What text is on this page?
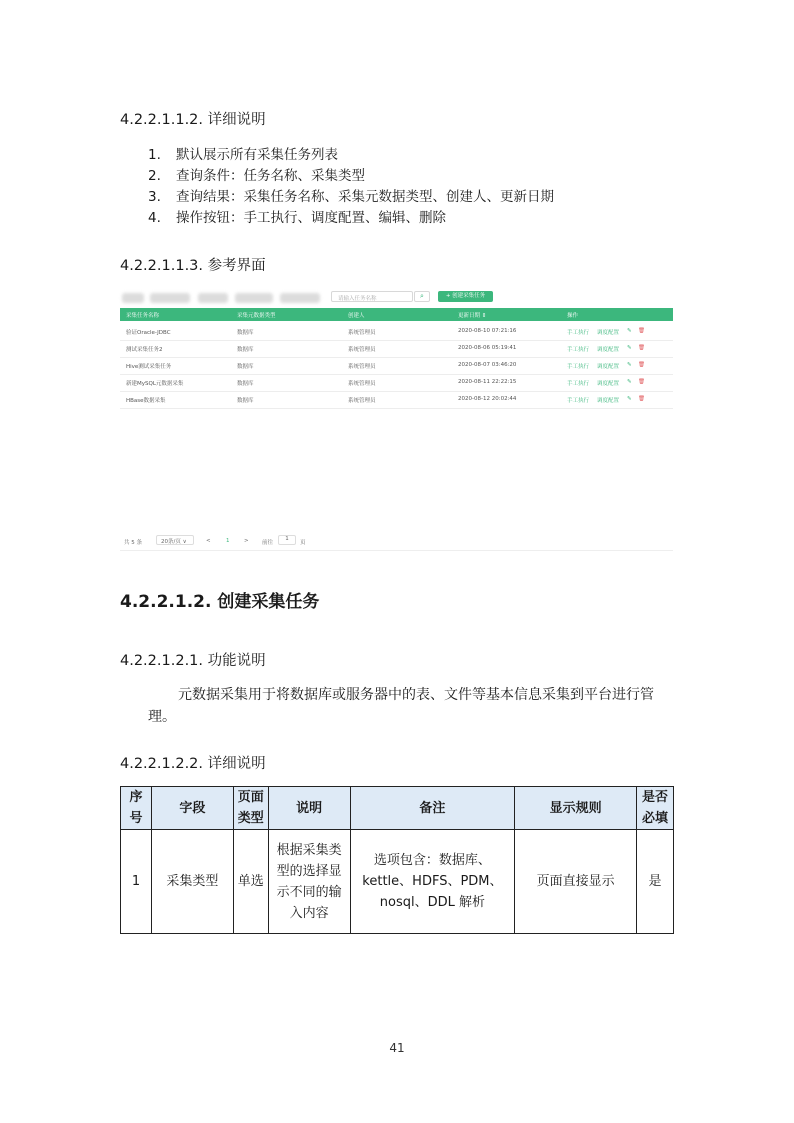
4.2.2.1.1.2. 详细说明
1. 默认展示所有采集任务列表
2. 查询条件：任务名称、采集类型
3. 查询结果：采集任务名称、采集元数据类型、创建人、更新日期
4. 操作按钮：手工执行、调度配置、编辑、删除
4.2.2.1.1.3. 参考界面
请输入任务名称	⌕	+ 创建采集任务
采集任务名称	采集元数据类型	创建人	更新日期 ⇕	操作
验证Oracle-JDBC	数据库	系统管理员	2020-08-10 07:21:16	手工执行 调度配置 ✎ 🗑
测试采集任务2	数据库	系统管理员	2020-08-06 05:19:41	手工执行 调度配置 ✎ 🗑
Hive测试采集任务	数据库	系统管理员	2020-08-07 03:46:20	手工执行 调度配置 ✎ 🗑
新建MySQL元数据采集	数据库	系统管理员	2020-08-11 22:22:15	手工执行 调度配置 ✎ 🗑
HBase数据采集	数据库	系统管理员	2020-08-12 20:02:44	手工执行 调度配置 ✎ 🗑
共 5 条	20条/页 ∨	<	1	> 前往
1
页
4.2.2.1.2. 创建采集任务
4.2.2.1.2.1. 功能说明
元数据采集用于将数据库或服务器中的表、文件等基本信息采集到平台进行管理。
4.2.2.1.2.2. 详细说明
序号	字段	页面类型	说明	备注	显示规则	是否必填
1	采集类型	单选	根据采集类型的选择显示不同的输入内容	选项包含：数据库、kettle、HDFS、PDM、nosql、DDL 解析	页面直接显示	是
41
